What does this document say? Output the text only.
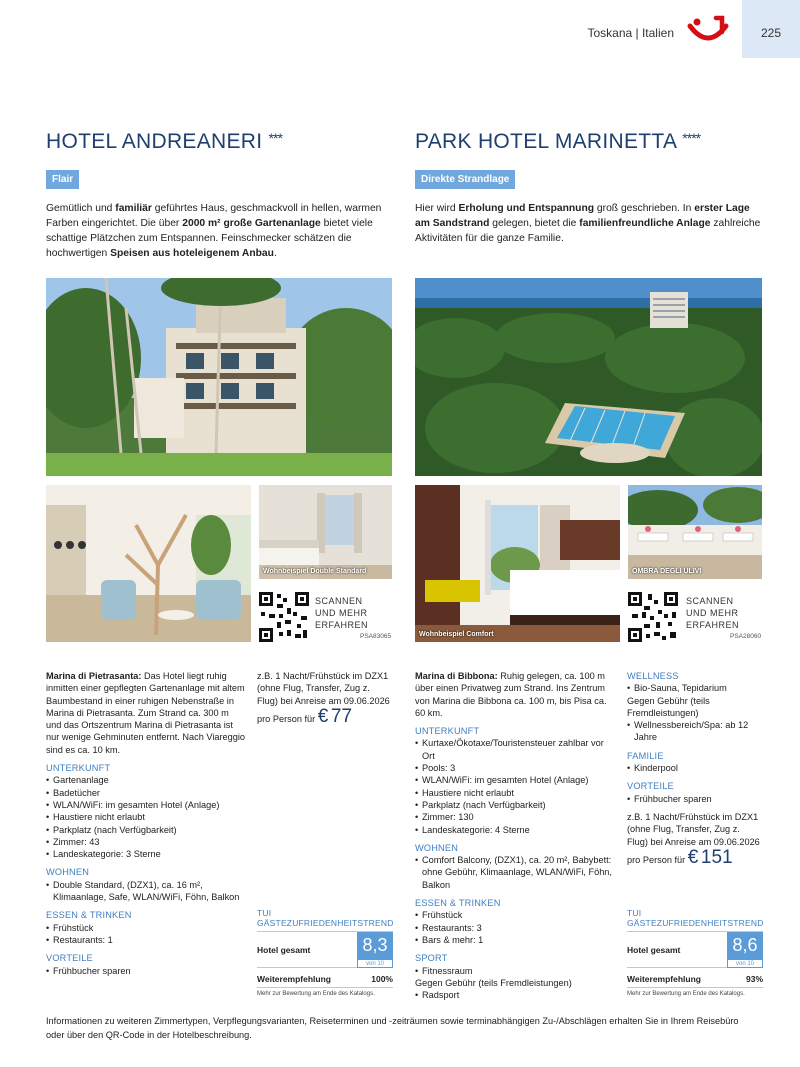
Toskana | Italien	225
HOTEL ANDREANERI ***
Flair
Gemütlich und familiär geführtes Haus, geschmackvoll in hellen, warmen Farben eingerichtet. Die über 2000 m² große Gartenanlage bietet viele schattige Plätzchen zum Entspannen. Feinschmecker schätzen die hochwertigen Speisen aus hoteleigenem Anbau.
PARK HOTEL MARINETTA ****
Direkte Strandlage
Hier wird Erholung und Entspannung groß geschrieben. In erster Lage am Sandstrand gelegen, bietet die familienfreundliche Anlage zahlreiche Aktivitäten für die ganze Familie.
Wohnbeispiel Double Standard
SCANNEN
UND MEHR
ERFAHREN
PSA83065	Wohnbeispiel Comfort
OMBRA DEGLI ULIVI
SCANNEN
UND MEHR
ERFAHREN
PSA28060
Marina di Pietrasanta: Das Hotel liegt ruhig inmitten einer gepflegten Gartenanlage mit altem Baumbestand in einer ruhigen Nebenstraße in Marina di Pietrasanta. Zum Strand ca. 300 m und das Ortszentrum Marina di Pietrasanta ist nur wenige Gehminuten entfernt. Nach Viareggio sind es ca. 10 km.
UNTERKUNFT
• Gartenanlage
• Badetücher
• WLAN/WiFi: im gesamten Hotel (Anlage)
• Haustiere nicht erlaubt
• Parkplatz (nach Verfügbarkeit)
• Zimmer: 43
• Landeskategorie: 3 Sterne
WOHNEN
• Double Standard, (DZX1), ca. 16 m², Klimaanlage, Safe, WLAN/WiFi, Föhn, Balkon
ESSEN & TRINKEN
• Frühstück
• Restaurants: 1
VORTEILE
• Frühbucher sparen
z.B. 1 Nacht/Frühstück im DZX1 (ohne Flug, Transfer, Zug z. Flug) bei Anreise am 09.06.2026
pro Person für € 77
TUI GÄSTEZUFRIEDENHEITSTREND
Hotel gesamt	8,3
von 10
Weiterempfehlung	100%
Mehr zur Bewertung am Ende des Katalogs.
Marina di Bibbona: Ruhig gelegen, ca. 100 m über einen Privatweg zum Strand. Ins Zentrum von Marina die Bibbona ca. 100 m, bis Pisa ca. 60 km.
UNTERKUNFT
• Kurtaxe/Ökotaxe/Touristensteuer zahlbar vor Ort
• Pools: 3
• WLAN/WiFi: im gesamten Hotel (Anlage)
• Haustiere nicht erlaubt
• Parkplatz (nach Verfügbarkeit)
• Zimmer: 130
• Landeskategorie: 4 Sterne
WOHNEN
• Comfort Balcony, (DZX1), ca. 20 m², Babybett: ohne Gebühr, Klimaanlage, WLAN/WiFi, Föhn, Balkon
ESSEN & TRINKEN
• Frühstück
• Restaurants: 3
• Bars & mehr: 1
SPORT
• Fitnessraum
Gegen Gebühr (teils Fremdleistungen)
• Radsport
WELLNESS
• Bio-Sauna, Tepidarium
Gegen Gebühr (teils Fremdleistungen)
• Wellnessbereich/Spa: ab 12 Jahre
FAMILIE
• Kinderpool
VORTEILE
• Frühbucher sparen
z.B. 1 Nacht/Frühstück im DZX1 (ohne Flug, Transfer, Zug z. Flug) bei Anreise am 09.06.2026
pro Person für € 151
TUI GÄSTEZUFRIEDENHEITSTREND
Hotel gesamt	8,6
von 10
Weiterempfehlung	93%
Mehr zur Bewertung am Ende des Katalogs.
Informationen zu weiteren Zimmertypen, Verpflegungsvarianten, Reiseterminen und -zeiträumen sowie terminabhängigen Zu-/Abschlägen erhalten Sie in Ihrem Reisebüro oder über den QR-Code in der Hotelbeschreibung.
